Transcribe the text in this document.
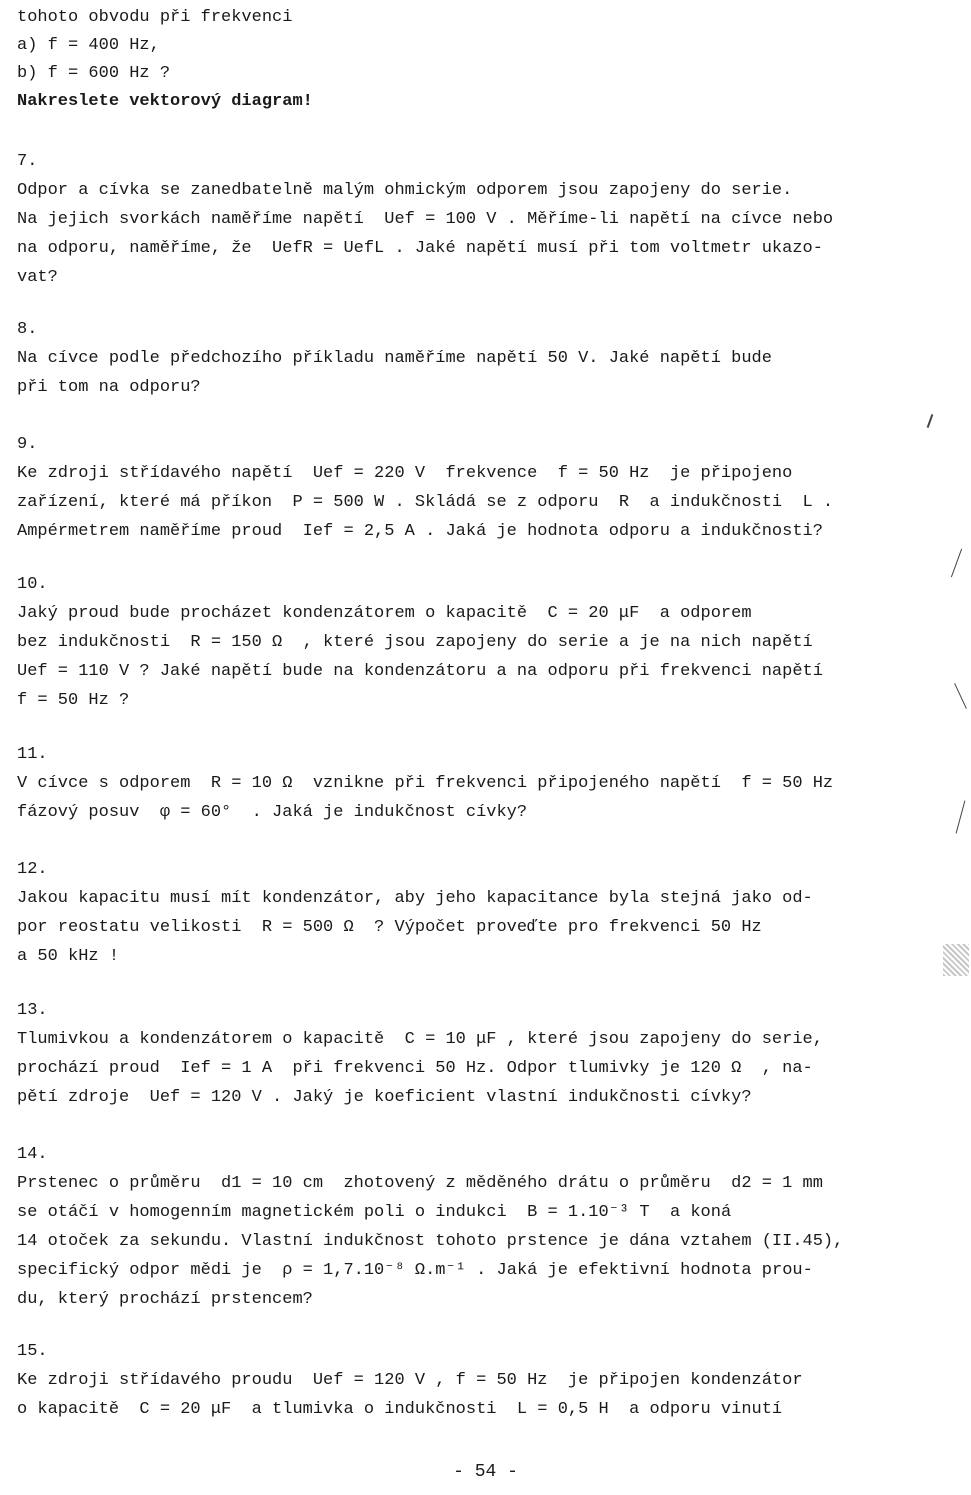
tohoto obvodu při frekvenci
a) f = 400 Hz,
b) f = 600 Hz ?
Nakreslete vektorový diagram!
7.
Odpor a cívka se zanedbatelně malým ohmickým odporem jsou zapojeny do serie.
Na jejich svorkách naměříme napětí  Uef = 100 V . Měříme-li napětí na cívce nebo
na odporu, naměříme, že  UefR = UefL . Jaké napětí musí při tom voltmetr ukazo-
vat?
8.
Na cívce podle předchozího příkladu naměříme napětí 50 V. Jaké napětí bude
při tom na odporu?
9.
Ke zdroji střídavého napětí  Uef = 220 V  frekvence  f = 50 Hz  je připojeno
zařízení, které má příkon  P = 500 W . Skládá se z odporu  R  a indukčnosti  L .
Ampérmetrem naměříme proud  Ief = 2,5 A . Jaká je hodnota odporu a indukčnosti?
10.
Jaký proud bude procházet kondenzátorem o kapacitě  C = 20 μF  a odporem
bez indukčnosti  R = 150 Ω  , které jsou zapojeny do serie a je na nich napětí
Uef = 110 V ? Jaké napětí bude na kondenzátoru a na odporu při frekvenci napětí
f = 50 Hz ?
11.
V cívce s odporem  R = 10 Ω  vznikne při frekvenci připojeného napětí  f = 50 Hz
fázový posuv  φ = 60°  . Jaká je indukčnost cívky?
12.
Jakou kapacitu musí mít kondenzátor, aby jeho kapacitance byla stejná jako od-
por reostatu velikosti  R = 500 Ω  ? Výpočet proveďte pro frekvenci 50 Hz
a 50 kHz !
13.
Tlumivkou a kondenzátorem o kapacitě  C = 10 μF , které jsou zapojeny do serie,
prochází proud  Ief = 1 A  při frekvenci 50 Hz. Odpor tlumivky je 120 Ω  , na-
pětí zdroje  Uef = 120 V . Jaký je koeficient vlastní indukčnosti cívky?
14.
Prstenec o průměru  d1 = 10 cm  zhotovený z měděného drátu o průměru  d2 = 1 mm
se otáčí v homogenním magnetickém poli o indukci  B = 1.10⁻³ T  a koná
14 otoček za sekundu. Vlastní indukčnost tohoto prstence je dána vztahem (II.45),
specifický odpor mědi je  ρ = 1,7.10⁻⁸ Ω.m⁻¹ . Jaká je efektivní hodnota prou-
du, který prochází prstencem?
15.
Ke zdroji střídavého proudu  Uef = 120 V , f = 50 Hz  je připojen kondenzátor
o kapacitě  C = 20 μF  a tlumivka o indukčnosti  L = 0,5 H  a odporu vinutí
- 54 -
